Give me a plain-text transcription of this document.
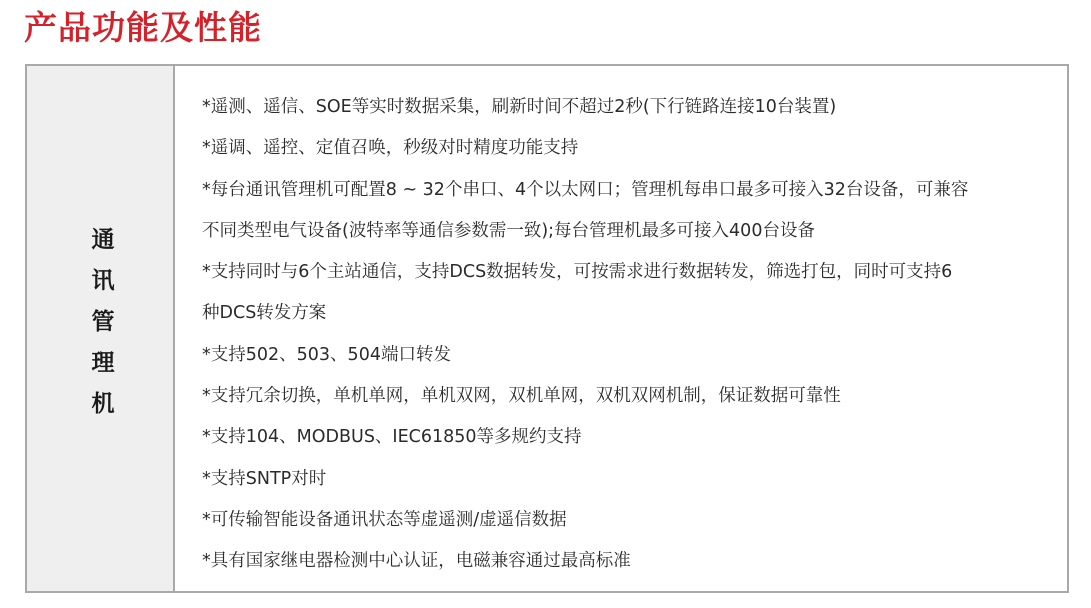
产品功能及性能
通讯管理机
*遥测、遥信、SOE等实时数据采集，刷新时间不超过2秒(下行链路连接10台装置)
*遥调、遥控、定值召唤，秒级对时精度功能支持
*每台通讯管理机可配置8 ~ 32个串口、4个以太网口；管理机每串口最多可接入32台设备，可兼容
不同类型电气设备(波特率等通信参数需一致);每台管理机最多可接入400台设备
*支持同时与6个主站通信，支持DCS数据转发，可按需求进行数据转发，筛选打包，同时可支持6
种DCS转发方案
*支持502、503、504端口转发
*支持冗余切换，单机单网，单机双网，双机单网，双机双网机制，保证数据可靠性
*支持104、MODBUS、IEC61850等多规约支持
*支持SNTP对时
*可传输智能设备通讯状态等虚遥测/虚遥信数据
*具有国家继电器检测中心认证，电磁兼容通过最高标准
